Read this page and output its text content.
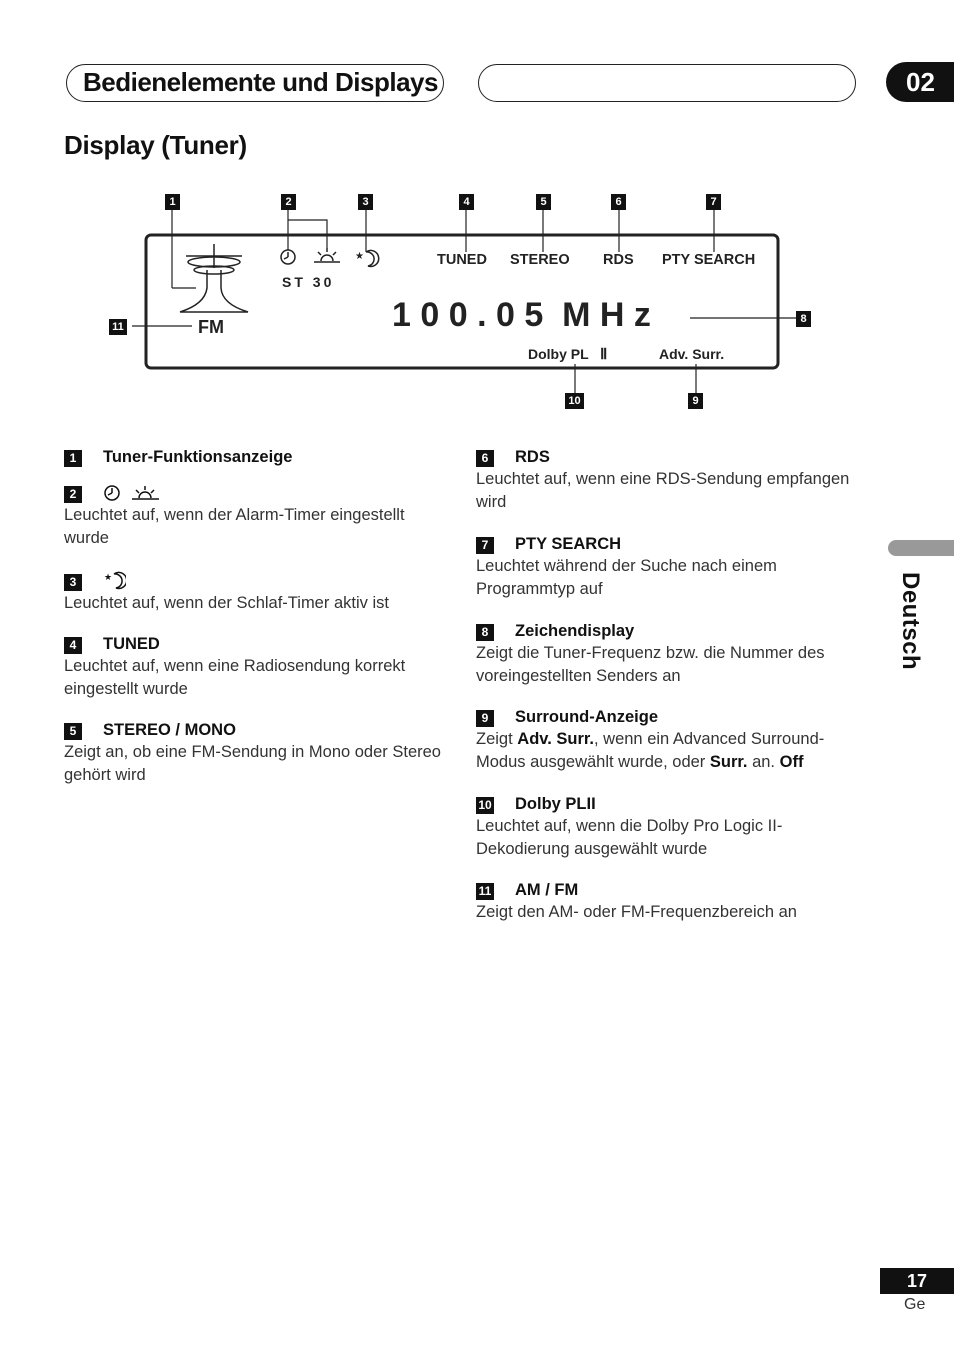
Bedienelemente und Displays	02
Display (Tuner)
★
ST 30
TUNED STEREO RDS PTY SEARCH
FM	1 0 0 . 0 5  M H z
Dolby PL Ⅱ	Adv. Surr.
1	2	3	4	5	6	7
8
9
10
11
1	Tuner-Funktionsanzeige
2
Leuchtet auf, wenn der Alarm-Timer eingestellt wurde
3	★
Leuchtet auf, wenn der Schlaf-Timer aktiv ist
4	TUNED
Leuchtet auf, wenn eine Radiosendung korrekt eingestellt wurde
5	STEREO / MONO
Zeigt an, ob eine FM-Sendung in Mono oder Stereo gehört wird
6	RDS
Leuchtet auf, wenn eine RDS-Sendung empfangen wird
7	PTY SEARCH
Leuchtet während der Suche nach einem Programmtyp auf
8	Zeichendisplay
Zeigt die Tuner-Frequenz bzw. die Nummer des voreingestellten Senders an
9	Surround-Anzeige
Zeigt Adv. Surr., wenn ein Advanced Surround-Modus ausgewählt wurde, oder Surr. an. Off
10 Dolby PLII
Leuchtet auf, wenn die Dolby Pro Logic II-Dekodierung ausgewählt wurde
11 AM / FM
Zeigt den AM- oder FM-Frequenzbereich an
Deutsch
17
Ge
